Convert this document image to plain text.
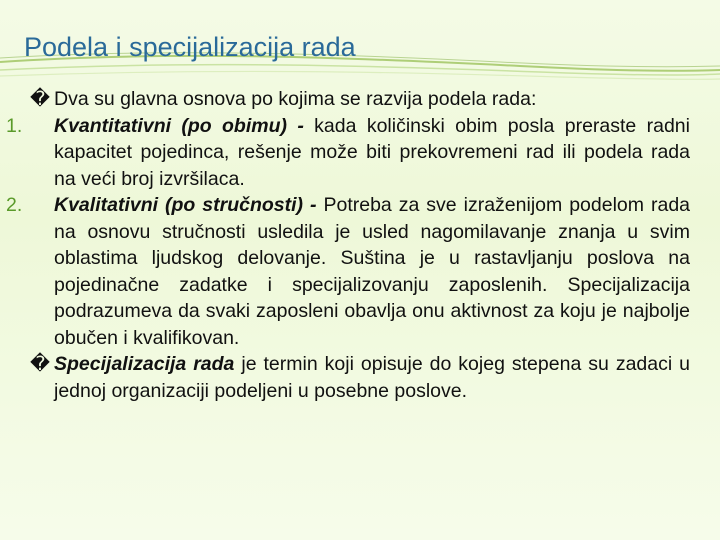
Podela i specijalizacija rada
� Dva su glavna osnova po kojima se razvija podela rada:
1.	Kvantitativni (po obimu) - kada količinski obim posla preraste radni kapacitet pojedinca, rešenje može biti prekovremeni rad ili podela rada na veći broj izvršilaca.
2.	Kvalitativni (po stručnosti) - Potreba za sve izraženijom podelom rada na osnovu stručnosti usledila je usled nagomilavanje znanja u svim oblastima ljudskog delovanje. Suština je u rastavljanju poslova na pojedinačne zadatke i specijalizovanju zaposlenih. Specijalizacija podrazumeva da svaki zaposleni obavlja onu aktivnost za koju je najbolje obučen i kvalifikovan.
� Specijalizacija rada je termin koji opisuje do kojeg stepena su zadaci u jednoj organizaciji podeljeni u posebne poslove.
